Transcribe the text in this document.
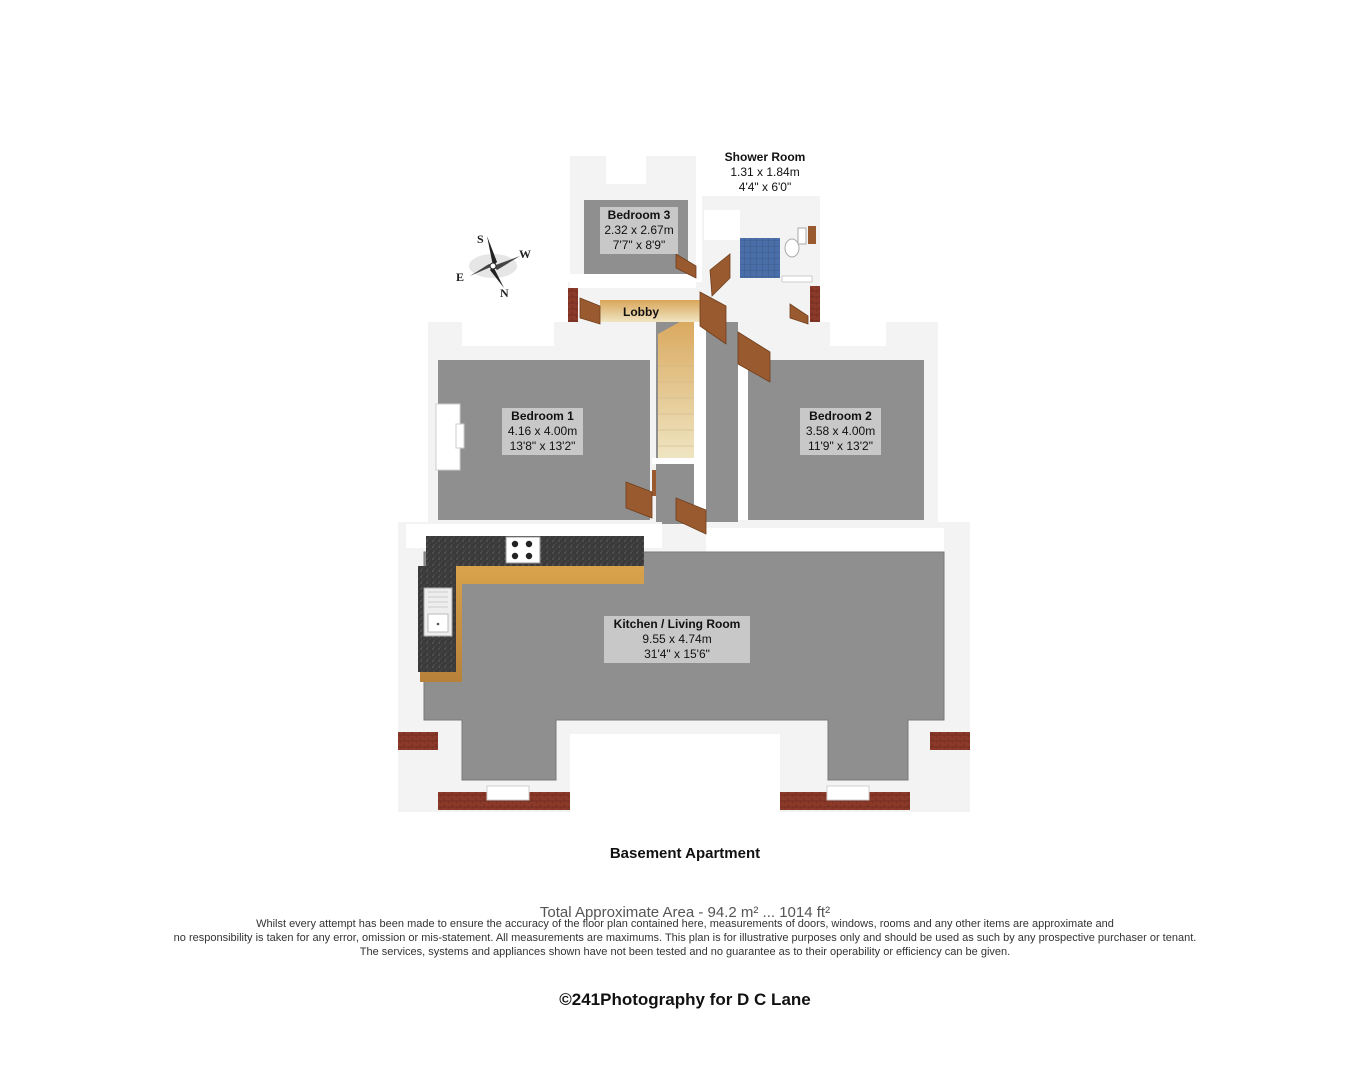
S
W
E
N
Shower Room
1.31 x 1.84m
4'4" x 6'0"
Bedroom 3
2.32 x 2.67m
7'7" x 8'9"
Lobby
Bedroom 1
4.16 x 4.00m
13'8" x 13'2"
Bedroom 2
3.58 x 4.00m
11'9" x 13'2"
Kitchen / Living Room
9.55 x 4.74m
31'4" x 15'6"
Basement Apartment
Total Approximate Area - 94.2 m² ... 1014 ft²
Whilst every attempt has been made to ensure the accuracy of the floor plan contained here, measurements of doors, windows, rooms and any other items are approximate and
no responsibility is taken for any error, omission or mis-statement. All measurements are maximums. This plan is for illustrative purposes only and should be used as such by any prospective purchaser or tenant.
The services, systems and appliances shown have not been tested and no guarantee as to their operability or efficiency can be given.
©241Photography for D C Lane
